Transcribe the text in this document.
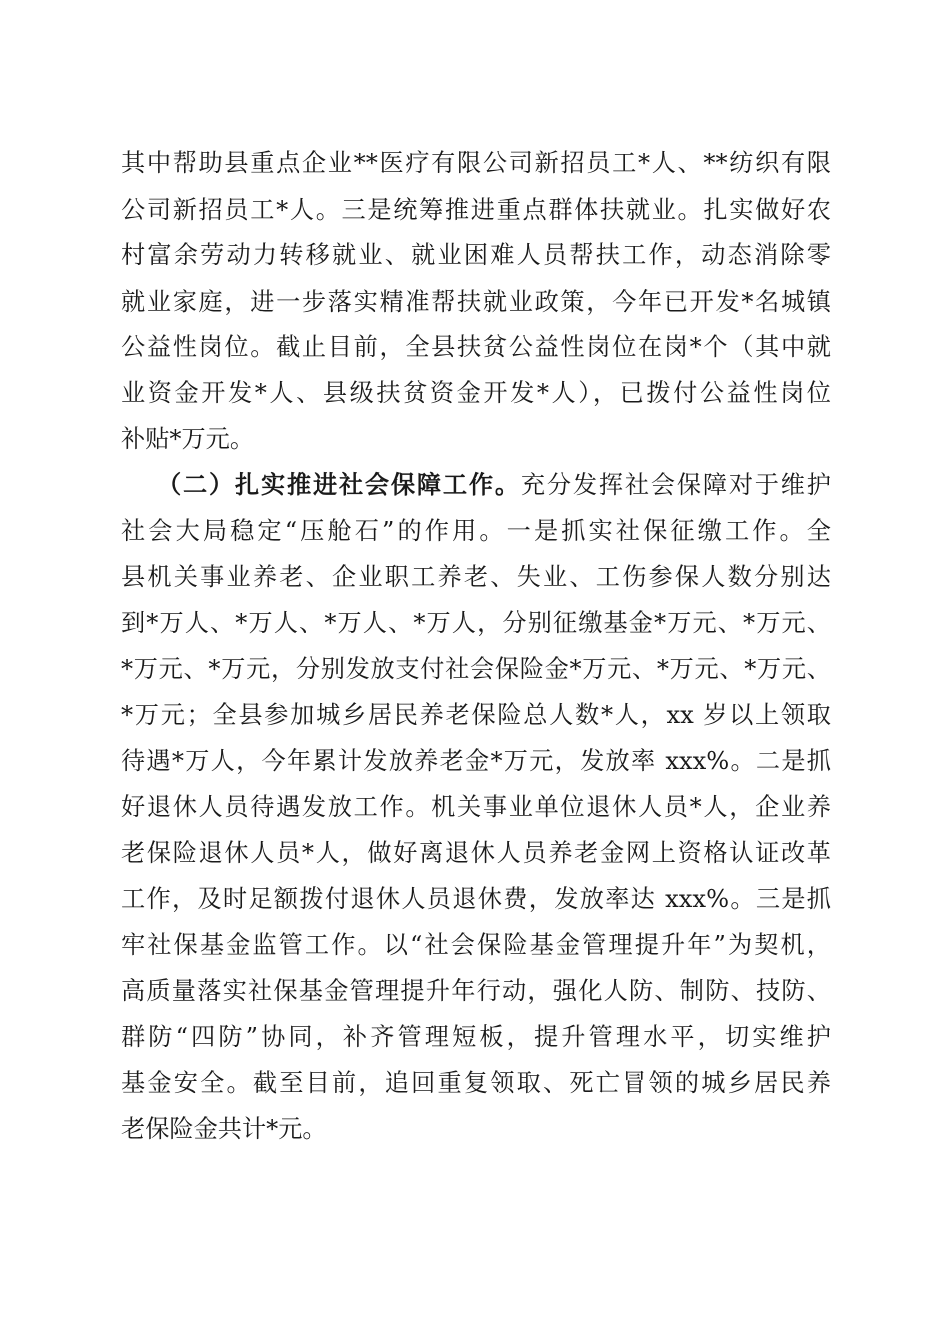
其中帮助县重点企业**医疗有限公司新招员工*人、**纺织有限
公司新招员工*人。三是统筹推进重点群体扶就业。扎实做好农
村富余劳动力转移就业、就业困难人员帮扶工作，动态消除零
就业家庭，进一步落实精准帮扶就业政策，今年已开发*名城镇
公益性岗位。截止目前，全县扶贫公益性岗位在岗*个（其中就
业资金开发*人、县级扶贫资金开发*人），已拨付公益性岗位
补贴*万元。
（二）扎实推进社会保障工作。充分发挥社会保障对于维护
社会大局稳定“压舱石”的作用。一是抓实社保征缴工作。全
县机关事业养老、企业职工养老、失业、工伤参保人数分别达
到*万人、*万人、*万人、*万人，分别征缴基金*万元、*万元、
*万元、*万元，分别发放支付社会保险金*万元、*万元、*万元、
*万元；全县参加城乡居民养老保险总人数*人，xx 岁以上领取
待遇*万人，今年累计发放养老金*万元，发放率 xxx%。二是抓
好退休人员待遇发放工作。机关事业单位退休人员*人，企业养
老保险退休人员*人，做好离退休人员养老金网上资格认证改革
工作，及时足额拨付退休人员退休费，发放率达 xxx%。三是抓
牢社保基金监管工作。以“社会保险基金管理提升年”为契机，
高质量落实社保基金管理提升年行动，强化人防、制防、技防、
群防“四防”协同，补齐管理短板，提升管理水平，切实维护
基金安全。截至目前，追回重复领取、死亡冒领的城乡居民养
老保险金共计*元。
